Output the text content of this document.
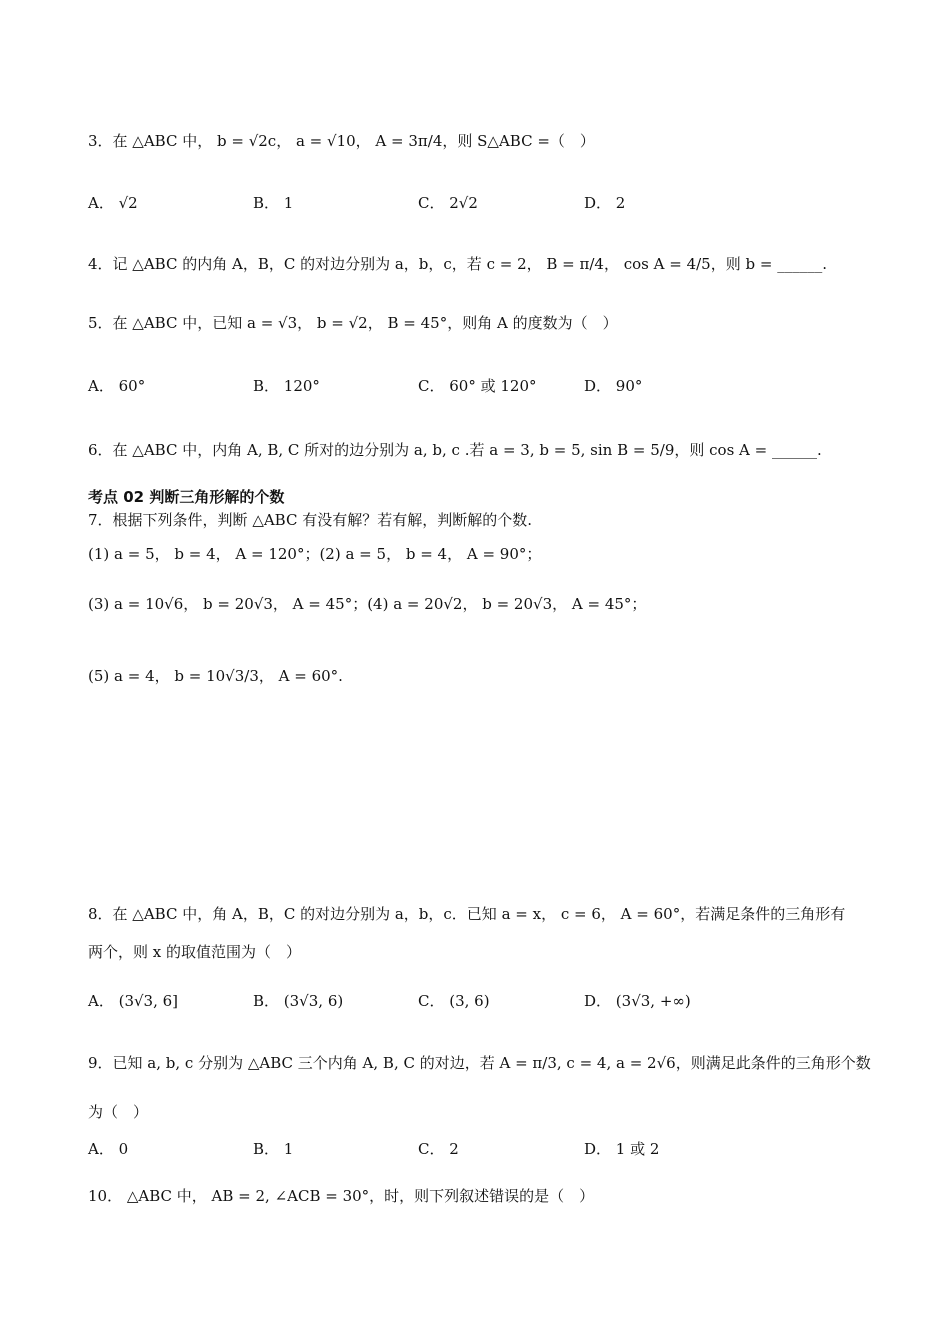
3．在 △ABC 中， b = √2c， a = √10， A = 3π/4，则 S△ABC =（　）
A． √2	B． 1	C． 2√2	D． 2
4．记 △ABC 的内角 A，B，C 的对边分别为 a，b，c，若 c = 2， B = π/4， cos A = 4/5，则 b = ______.
5．在 △ABC 中，已知 a = √3， b = √2， B = 45°，则角 A 的度数为（　）
A． 60°	B． 120°	C． 60° 或 120°	D． 90°
6．在 △ABC 中，内角 A, B, C 所对的边分别为 a, b, c .若 a = 3, b = 5, sin B = 5/9，则 cos A = ______.
考点 02 判断三角形解的个数
7．根据下列条件，判断 △ABC 有没有解？若有解，判断解的个数.
(1) a = 5， b = 4， A = 120°；(2) a = 5， b = 4， A = 90°；
(3) a = 10√6， b = 20√3， A = 45°；(4) a = 20√2， b = 20√3， A = 45°；
(5) a = 4， b = 10√3/3， A = 60°.
8．在 △ABC 中，角 A，B，C 的对边分别为 a，b，c．已知 a = x， c = 6， A = 60°，若满足条件的三角形有
两个，则 x 的取值范围为（　）
A． (3√3, 6]	B． (3√3, 6)	C． (3, 6)	D． (3√3, +∞)
9．已知 a, b, c 分别为 △ABC 三个内角 A, B, C 的对边，若 A = π/3, c = 4, a = 2√6，则满足此条件的三角形个数
为（　）
A． 0	B． 1	C． 2	D． 1 或 2
10． △ABC 中， AB = 2, ∠ACB = 30°，时，则下列叙述错误的是（　）
